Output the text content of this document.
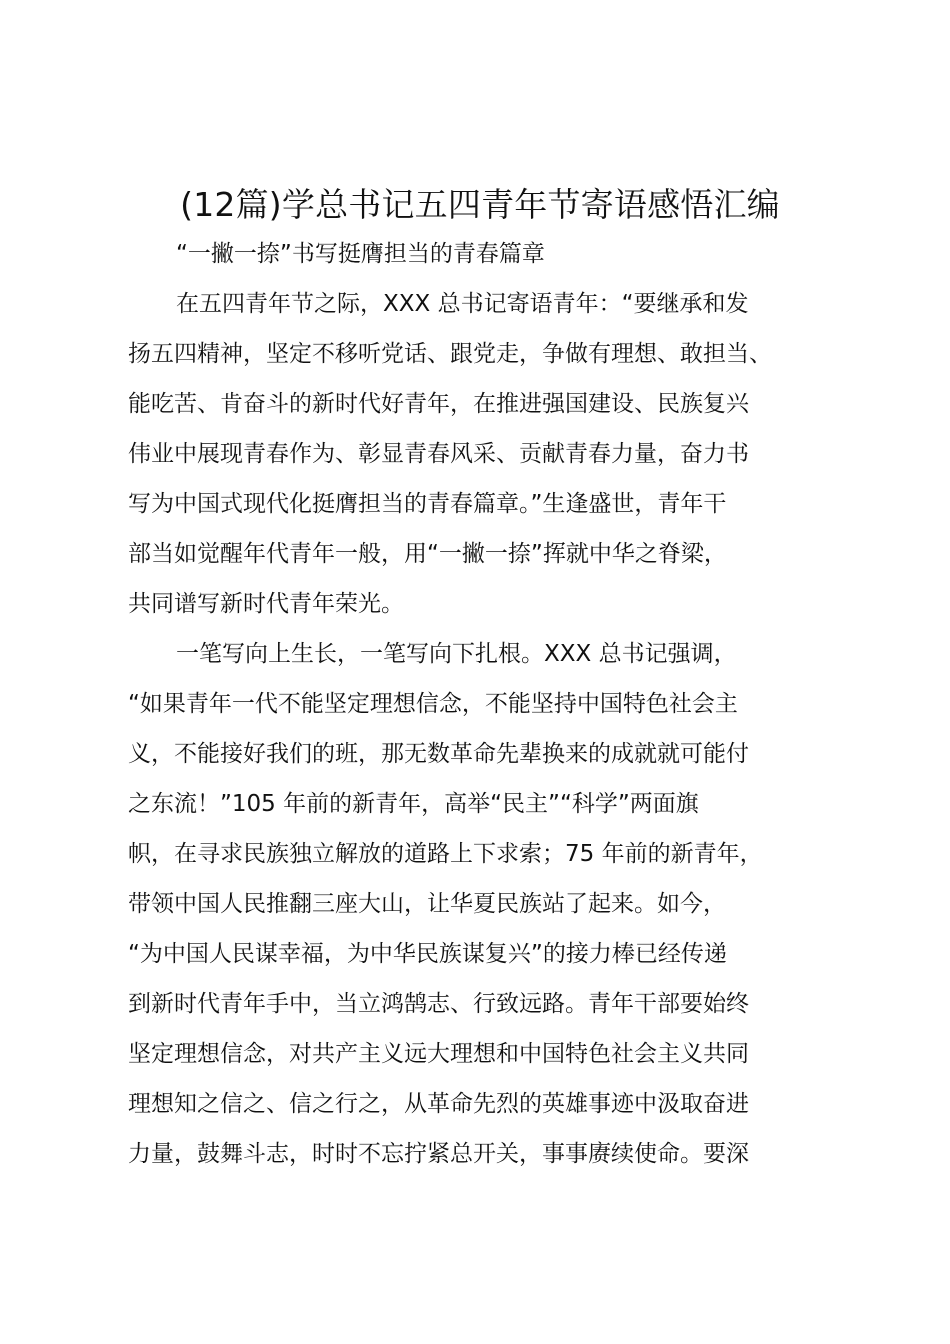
(12篇)学总书记五四青年节寄语感悟汇编

“一撇一捺”书写挺膺担当的青春篇章

在五四青年节之际，XXX 总书记寄语青年：“要继承和发
扬五四精神，坚定不移听党话、跟党走，争做有理想、敢担当、
能吃苦、肯奋斗的新时代好青年，在推进强国建设、民族复兴
伟业中展现青春作为、彰显青春风采、贡献青春力量，奋力书
写为中国式现代化挺膺担当的青春篇章。”生逢盛世，青年干
部当如觉醒年代青年一般，用“一撇一捺”挥就中华之脊梁，
共同谱写新时代青年荣光。
一笔写向上生长，一笔写向下扎根。XXX 总书记强调，
“如果青年一代不能坚定理想信念，不能坚持中国特色社会主
义，不能接好我们的班，那无数革命先辈换来的成就就可能付
之东流！”105 年前的新青年，高举“民主”“科学”两面旗
帜，在寻求民族独立解放的道路上下求索；75 年前的新青年，
带领中国人民推翻三座大山，让华夏民族站了起来。如今，
“为中国人民谋幸福，为中华民族谋复兴”的接力棒已经传递
到新时代青年手中，当立鸿鹄志、行致远路。青年干部要始终
坚定理想信念，对共产主义远大理想和中国特色社会主义共同
理想知之信之、信之行之，从革命先烈的英雄事迹中汲取奋进
力量，鼓舞斗志，时时不忘拧紧总开关，事事赓续使命。要深
